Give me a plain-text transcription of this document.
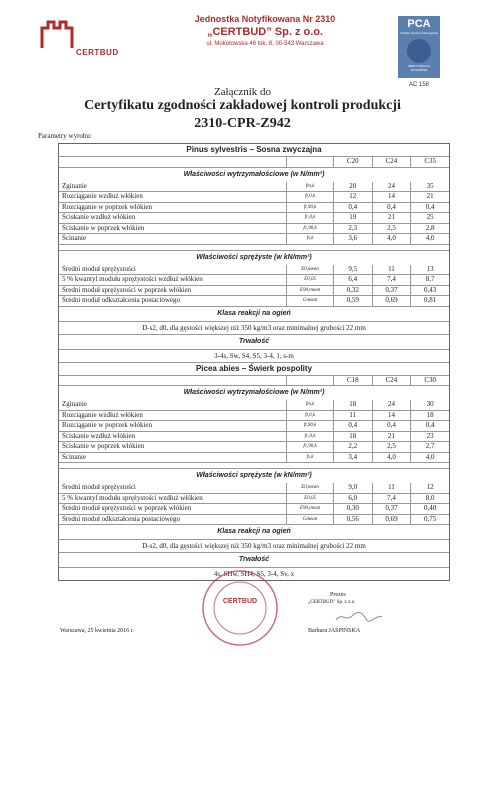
CERTBUD
Jednostka Notyfikowana Nr 2310
„CERTBUD” Sp. z o.o.
ul. Mokotowska 46 lok. 8, 00-543 Warszawa
PCA
Polskie Centrum Akredytacji
CERTYFIKACJA WYROBÓW
AC 158
Załącznik do
Certyfikatu zgodności zakładowej kontroli produkcji
2310-CPR-Z942
Parametry wyrobu:
Pinus sylvestris – Sosna zwyczajna
C20	C24	C35
Właściwości wytrzymałościowe (w N/mm²)
Zginanie	fm,k	20	24	35
Rozciąganie wzdłuż włókien	ft,0,k	12	14	21
Rozciąganie w poprzek włókien	ft,90,k	0,4	0,4	0,4
Ściskanie wzdłuż włókien	fc,0,k	19	21	25
Ściskanie w poprzek włókien	fc,90,k	2,3	2,5	2,8
Ścinanie	fv,k	3,6	4,0	4,0
Właściwości sprężyste (w kN/mm²)
Średni moduł sprężystości	E0,mean	9,5	11	13
5 % kwantyl modułu sprężystości wzdłuż włókien	E0,05	6,4	7,4	8,7
Średni moduł sprężystości w poprzek włókien	E90,mean	0,32	0,37	0,43
Średni moduł odkształcenia postaciowego	Gmean	0,59	0,69	0,81
Klasa reakcji na ogień
D-s2, d0, dla gęstości większej niż 350 kg/m3 oraz minimalnej grubości 22 mm
Trwałość
3-4s, Sw, S4, S5, 3-4, 1, s-m
Picea abies – Świerk pospolity
C18	C24	C30
Właściwości wytrzymałościowe (w N/mm²)
Zginanie	fm,k	18	24	30
Rozciąganie wzdłuż włókien	ft,0,k	11	14	18
Rozciąganie w poprzek włókien	ft,90,k	0,4	0,4	0,4
Ściskanie wzdłuż włókien	fc,0,k	18	21	23
Ściskanie w poprzek włókien	fc,90,k	2,2	2,5	2,7
Ścinanie	fv,k	3,4	4,0	4,0
Właściwości sprężyste (w kN/mm²)
Średni moduł sprężystości	E0,mean	9,0	11	12
5 % kwantyl modułu sprężystości wzdłuż włókien	E0,05	6,0	7,4	8,0
Średni moduł sprężystości w poprzek włókien	E90,mean	0,30	0,37	0,40
Średni moduł odkształcenia postaciowego	Gmean	0,56	0,69	0,75
Klasa reakcji na ogień
D-s2, d0, dla gęstości większej niż 350 kg/m3 oraz minimalnej grubości 22 mm
Trwałość
4s, SHw, SH4, S5, 3-4, Sv, x
CERTBUD
Warszawa, 25 kwietnia 2016 r.
Prezes
„CERTBUD” Sp. z o.o.
Barbara JAŚPIŃSKA
